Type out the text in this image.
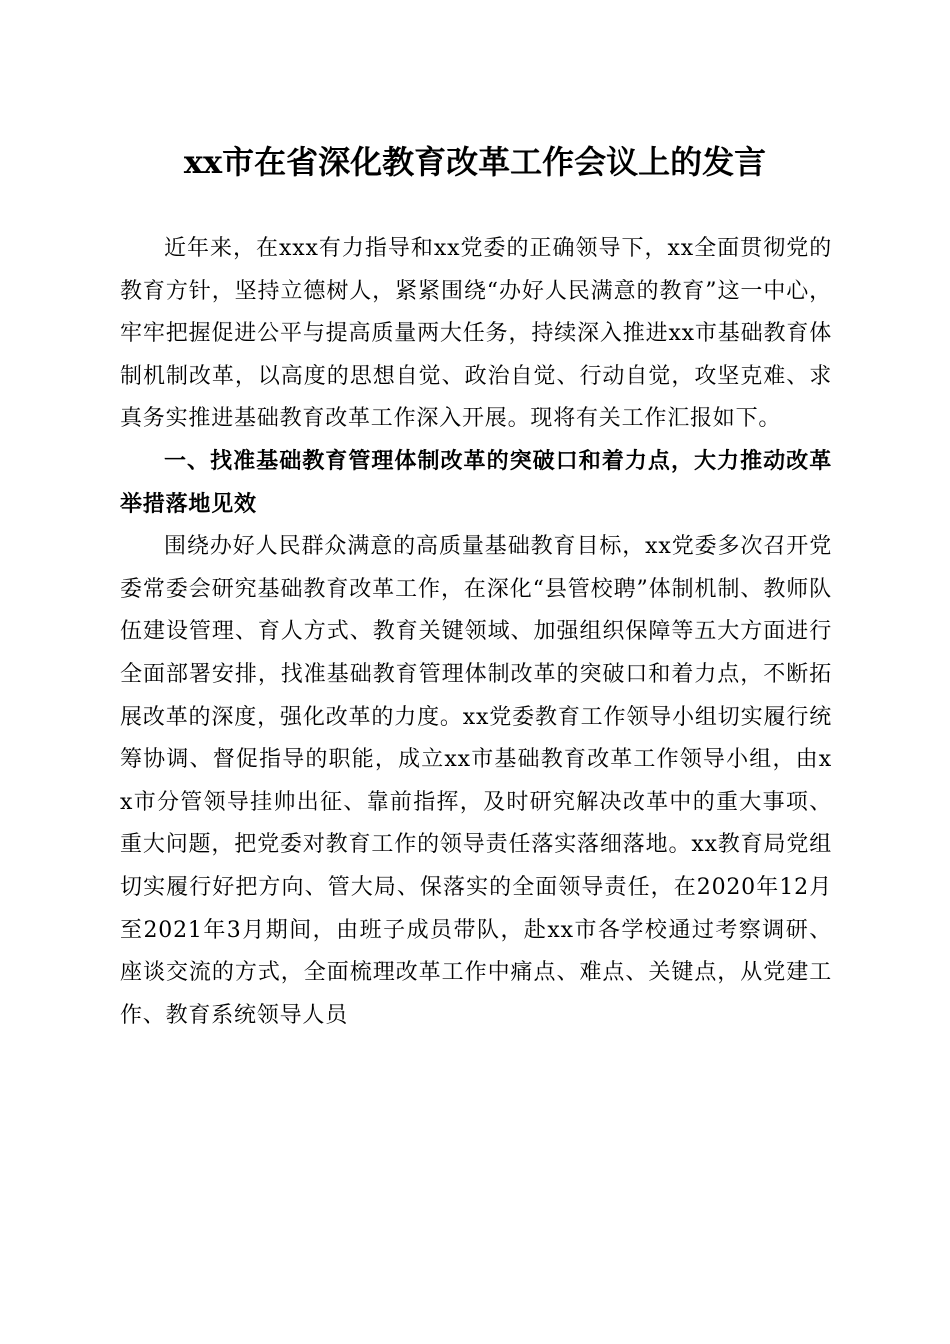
xx市在省深化教育改革工作会议上的发言

近年来，在xxx有力指导和xx党委的正确领导下，xx全面贯彻党的教育方针，坚持立德树人，紧紧围绕“办好人民满意的教育”这一中心，牢牢把握促进公平与提高质量两大任务，持续深入推进xx市基础教育体制机制改革，以高度的思想自觉、政治自觉、行动自觉，攻坚克难、求真务实推进基础教育改革工作深入开展。现将有关工作汇报如下。

一、找准基础教育管理体制改革的突破口和着力点，大力推动改革举措落地见效

围绕办好人民群众满意的高质量基础教育目标，xx党委多次召开党委常委会研究基础教育改革工作，在深化“县管校聘”体制机制、教师队伍建设管理、育人方式、教育关键领域、加强组织保障等五大方面进行全面部署安排，找准基础教育管理体制改革的突破口和着力点，不断拓展改革的深度，强化改革的力度。xx党委教育工作领导小组切实履行统筹协调、督促指导的职能，成立xx市基础教育改革工作领导小组，由xx市分管领导挂帅出征、靠前指挥，及时研究解决改革中的重大事项、重大问题，把党委对教育工作的领导责任落实落细落地。xx教育局党组切实履行好把方向、管大局、保落实的全面领导责任，在2020年12月至2021年3月期间，由班子成员带队，赴xx市各学校通过考察调研、座谈交流的方式，全面梳理改革工作中痛点、难点、关键点，从党建工作、教育系统领导人员
